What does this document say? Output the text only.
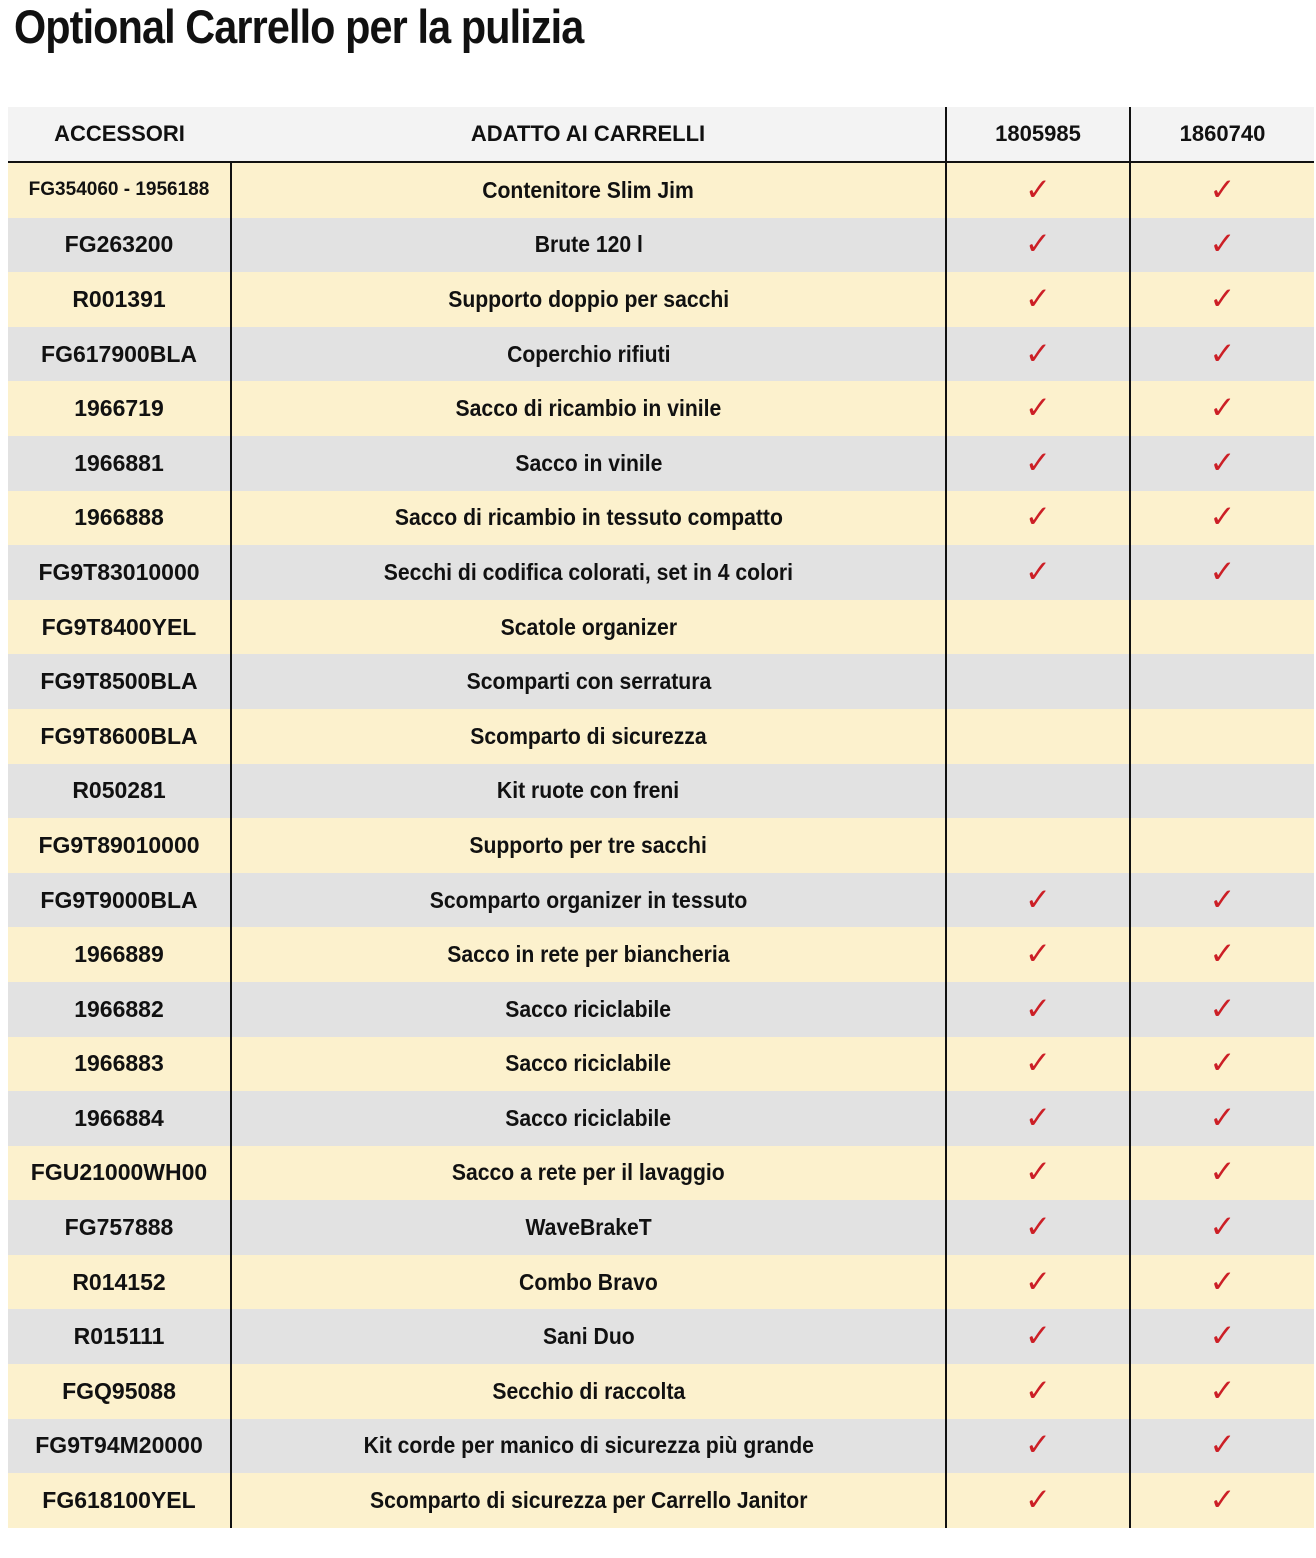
Optional Carrello per la pulizia
ACCESSORI	ADATTO AI CARRELLI	1805985	1860740
FG354060 - 1956188	Contenitore Slim Jim	✓	✓
FG263200	Brute 120 l	✓	✓
R001391	Supporto doppio per sacchi	✓	✓
FG617900BLA	Coperchio rifiuti	✓	✓
1966719	Sacco di ricambio in vinile	✓	✓
1966881	Sacco in vinile	✓	✓
1966888	Sacco di ricambio in tessuto compatto	✓	✓
FG9T83010000	Secchi di codifica colorati, set in 4 colori	✓	✓
FG9T8400YEL	Scatole organizer		
FG9T8500BLA	Scomparti con serratura		
FG9T8600BLA	Scomparto di sicurezza		
R050281	Kit ruote con freni		
FG9T89010000	Supporto per tre sacchi		
FG9T9000BLA	Scomparto organizer in tessuto	✓	✓
1966889	Sacco in rete per biancheria	✓	✓
1966882	Sacco riciclabile	✓	✓
1966883	Sacco riciclabile	✓	✓
1966884	Sacco riciclabile	✓	✓
FGU21000WH00	Sacco a rete per il lavaggio	✓	✓
FG757888	WaveBrakeT	✓	✓
R014152	Combo Bravo	✓	✓
R015111	Sani Duo	✓	✓
FGQ95088	Secchio di raccolta	✓	✓
FG9T94M20000	Kit corde per manico di sicurezza più grande	✓	✓
FG618100YEL	Scomparto di sicurezza per Carrello Janitor	✓	✓
